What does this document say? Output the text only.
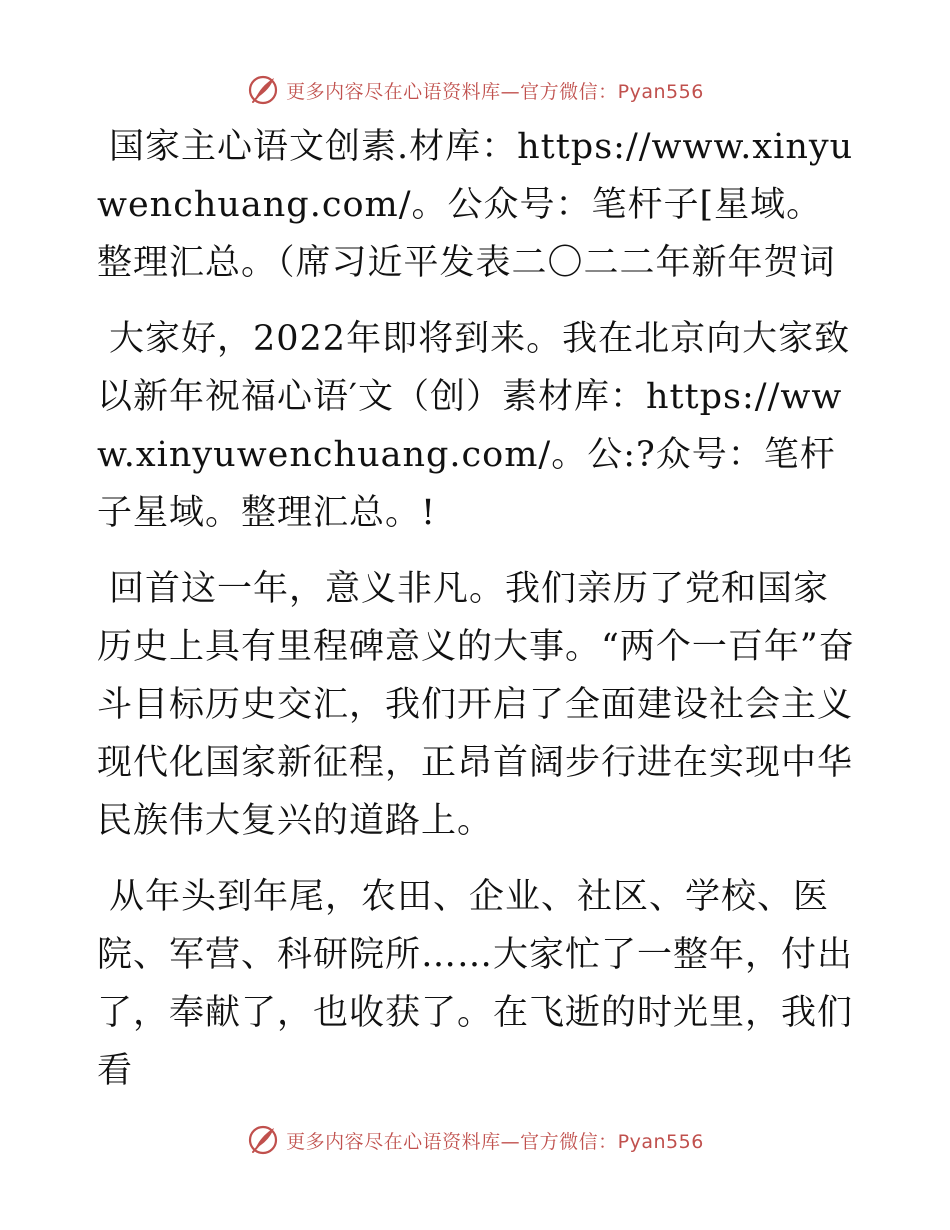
更多内容尽在心语资料库—官方微信：Pyan556

国家主心语文创素.材库：https://www.xinyuwenchuang.com/。公众号：笔杆子[星域。整理汇总。（席习近平发表二〇二二年新年贺词

大家好，2022年即将到来。我在北京向大家致以新年祝福心语′文（创）素材库：https://www.xinyuwenchuang.com/。公:?众号：笔杆子星域。整理汇总。!

回首这一年，意义非凡。我们亲历了党和国家历史上具有里程碑意义的大事。“两个一百年”奋斗目标历史交汇，我们开启了全面建设社会主义现代化国家新征程，正昂首阔步行进在实现中华民族伟大复兴的道路上。

从年头到年尾，农田、企业、社区、学校、医院、军营、科研院所……大家忙了一整年，付出了，奉献了，也收获了。在飞逝的时光里，我们看

更多内容尽在心语资料库—官方微信：Pyan556
